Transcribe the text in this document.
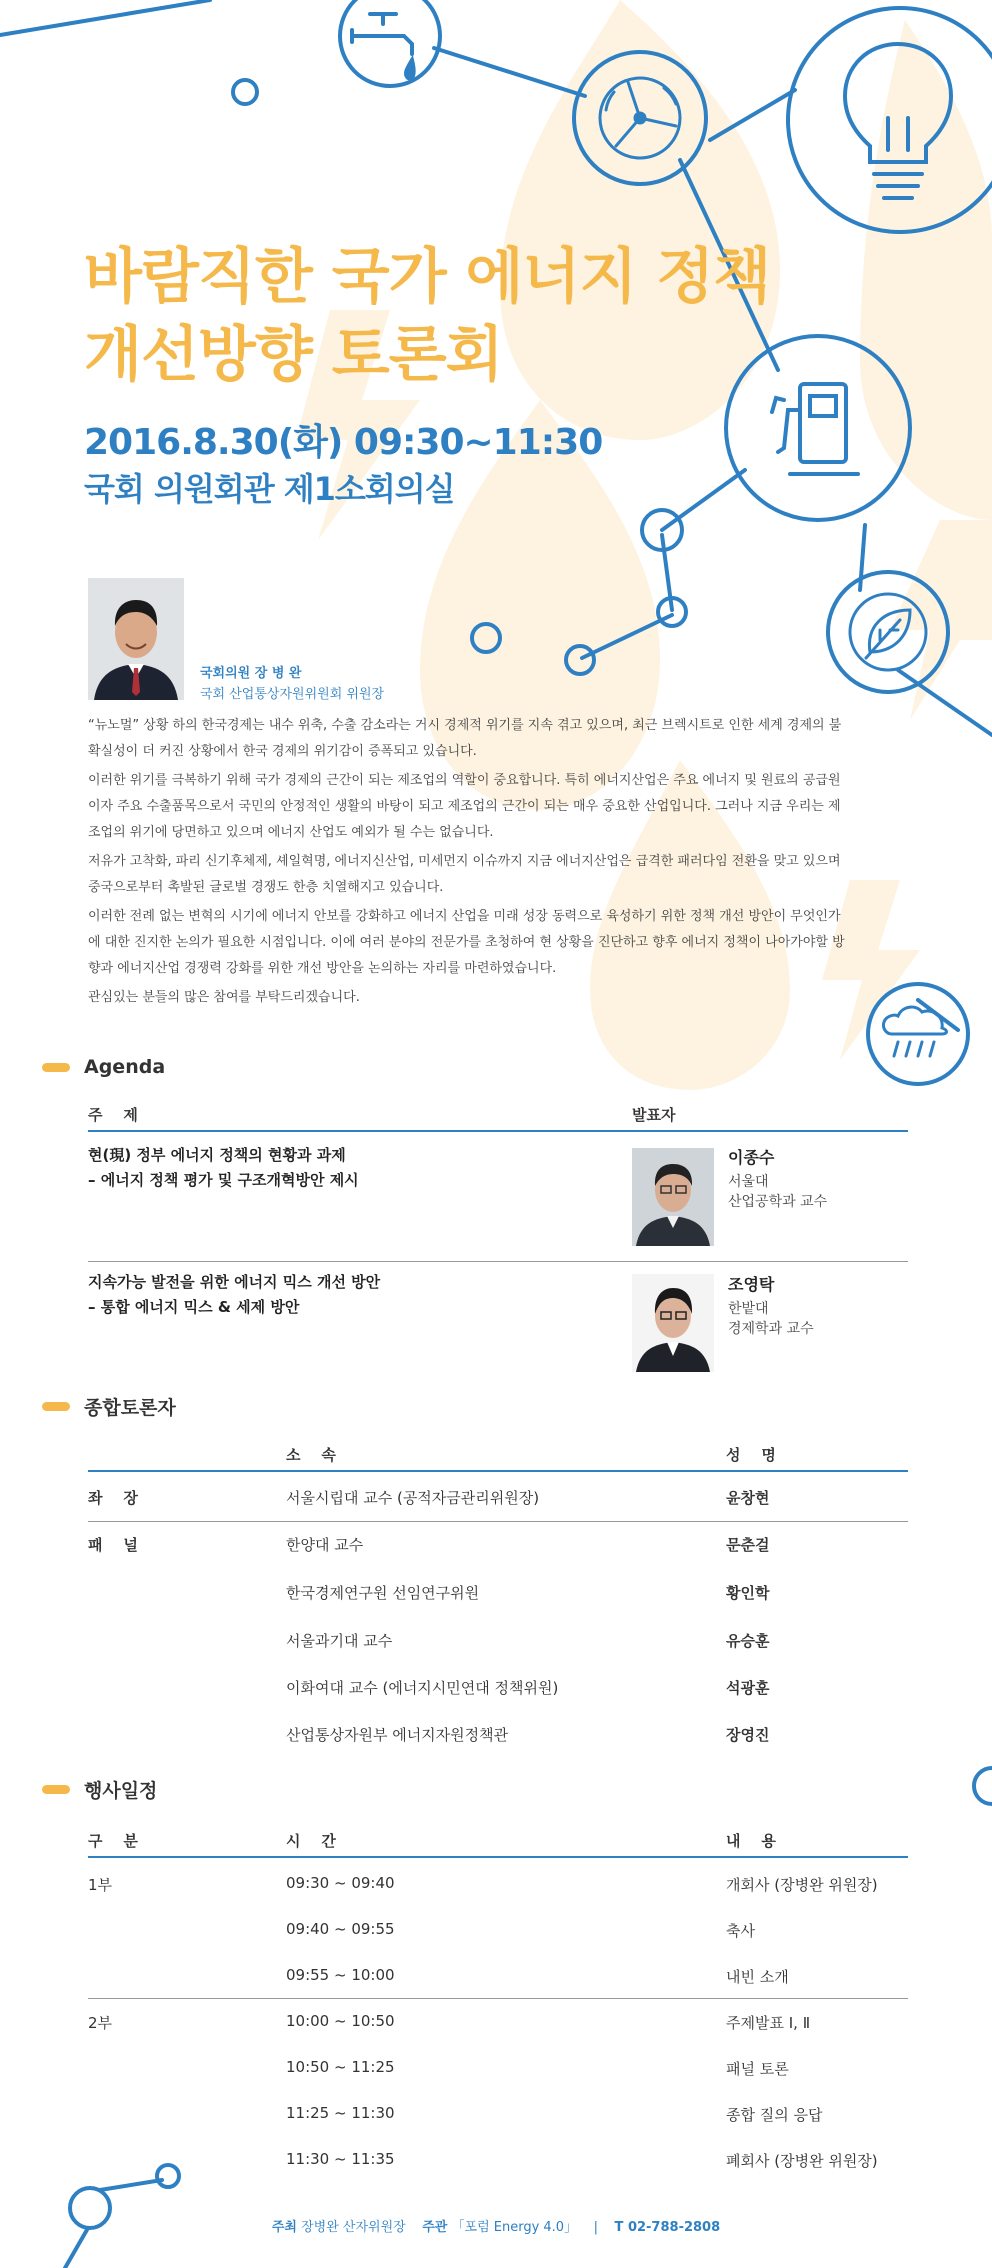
바람직한 국가 에너지 정책
개선방향 토론회
2016.8.30(화) 09:30~11:30
국회 의원회관 제1소회의실
국회의원 장 병 완
국회 산업통상자원위원회 위원장

“뉴노멀” 상황 하의 한국경제는 내수 위축, 수출 감소라는 거시 경제적 위기를 지속 겪고 있으며, 최근 브렉시트로 인한 세계 경제의 불확실성이 더 커진 상황에서 한국 경제의 위기감이 증폭되고 있습니다.

이러한 위기를 극복하기 위해 국가 경제의 근간이 되는 제조업의 역할이 중요합니다. 특히 에너지산업은 주요 에너지 및 원료의 공급원이자 주요 수출품목으로서 국민의 안정적인 생활의 바탕이 되고 제조업의 근간이 되는 매우 중요한 산업입니다. 그러나 지금 우리는 제조업의 위기에 당면하고 있으며 에너지 산업도 예외가 될 수는 없습니다.

저유가 고착화, 파리 신기후체제, 셰일혁명, 에너지신산업, 미세먼지 이슈까지 지금 에너지산업은 급격한 패러다임 전환을 맞고 있으며 중국으로부터 촉발된 글로벌 경쟁도 한층 치열해지고 있습니다.

이러한 전례 없는 변혁의 시기에 에너지 안보를 강화하고 에너지 산업을 미래 성장 동력으로 육성하기 위한 정책 개선 방안이 무엇인가에 대한 진지한 논의가 필요한 시점입니다. 이에 여러 분야의 전문가를 초청하여 현 상황을 진단하고 향후 에너지 정책이 나아가야할 방향과 에너지산업 경쟁력 강화를 위한 개선 방안을 논의하는 자리를 마련하였습니다.

관심있는 분들의 많은 참여를 부탁드리겠습니다.

Agenda
주    제	발표자
현(現) 정부 에너지 정책의 현황과 과제
– 에너지 정책 평가 및 구조개혁방안 제시
이종수
서울대
산업공학과 교수
지속가능 발전을 위한 에너지 믹스 개선 방안
– 통합 에너지 믹스 & 세제 방안
조영탁
한밭대
경제학과 교수
종합토론자
소    속	성    명
좌    장	서울시립대 교수 (공적자금관리위원장)	윤창현
패    널	한양대 교수	문춘걸
한국경제연구원 선임연구위원	황인학
서울과기대 교수	유승훈
이화여대 교수 (에너지시민연대 정책위원)	석광훈
산업통상자원부 에너지자원정책관	장영진
행사일정
구    분	시    간	내    용
1부	09:30 ~ 09:40	개회사 (장병완 위원장)
09:40 ~ 09:55	축사
09:55 ~ 10:00	내빈 소개
2부	10:00 ~ 10:50	주제발표 Ⅰ, Ⅱ
10:50 ~ 11:25	패널 토론
11:25 ~ 11:30	종합 질의 응답
11:30 ~ 11:35	폐회사 (장병완 위원장)
주최 장병완 산자위원장 주관 「포럼 Energy 4.0」 | T 02-788-2808
